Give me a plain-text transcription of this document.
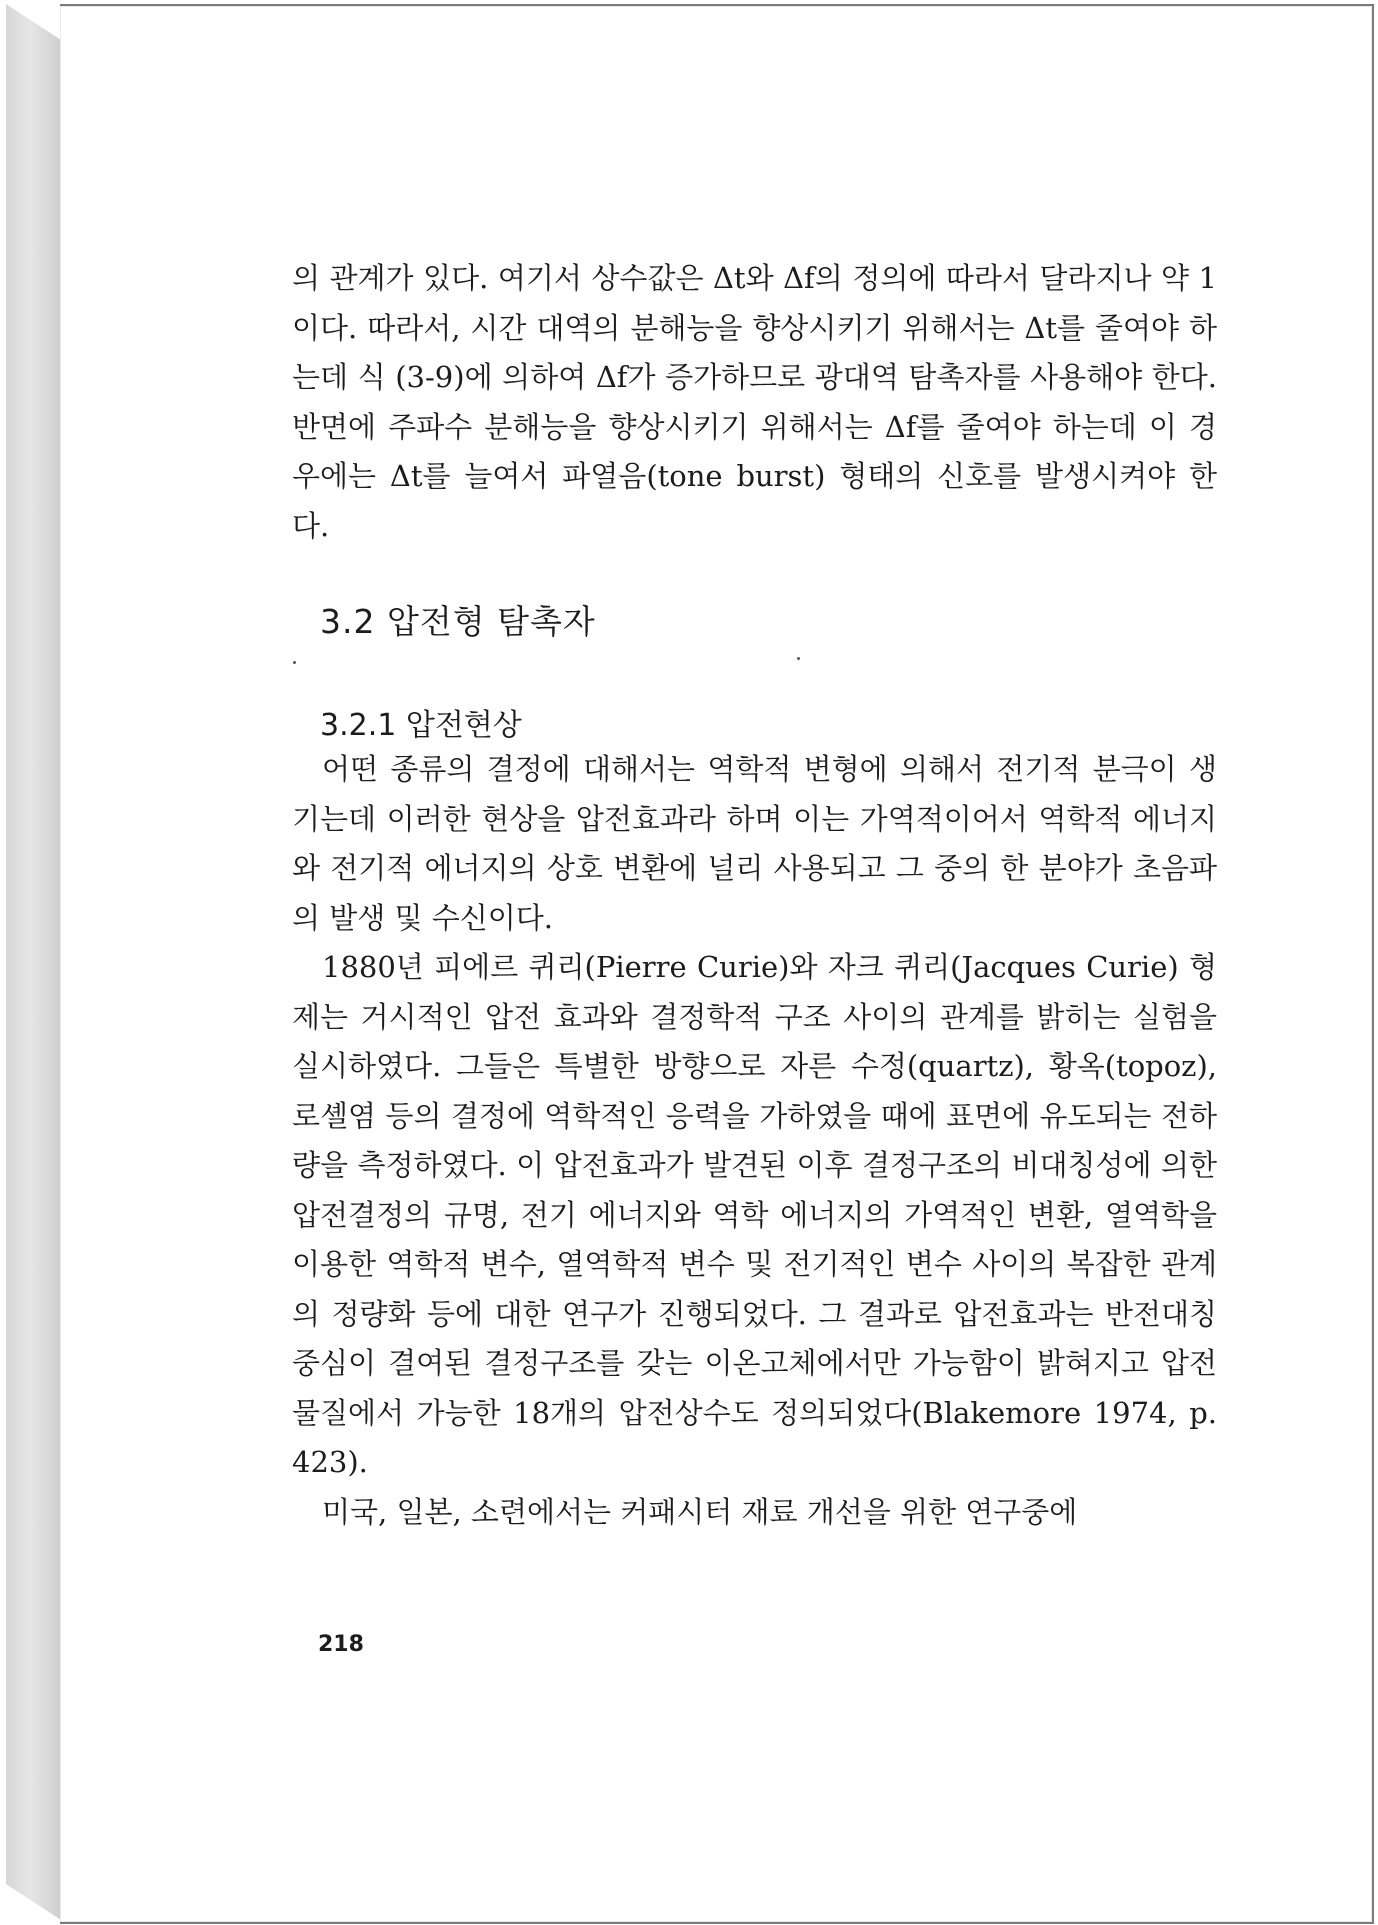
의 관계가 있다. 여기서 상수값은 Δt와 Δf의 정의에 따라서 달라지나 약 1이다. 따라서, 시간 대역의 분해능을 향상시키기 위해서는 Δt를 줄여야 하는데 식 (3-9)에 의하여 Δf가 증가하므로 광대역 탐촉자를 사용해야 한다. 반면에 주파수 분해능을 향상시키기 위해서는 Δf를 줄여야 하는데 이 경우에는 Δt를 늘여서 파열음(tone burst) 형태의 신호를 발생시켜야 한다.

3.2 압전형 탐촉자
3.2.1 압전현상

어떤 종류의 결정에 대해서는 역학적 변형에 의해서 전기적 분극이 생기는데 이러한 현상을 압전효과라 하며 이는 가역적이어서 역학적 에너지와 전기적 에너지의 상호 변환에 널리 사용되고 그 중의 한 분야가 초음파의 발생 및 수신이다.

1880년 피에르 퀴리(Pierre Curie)와 자크 퀴리(Jacques Curie) 형제는 거시적인 압전 효과와 결정학적 구조 사이의 관계를 밝히는 실험을 실시하였다. 그들은 특별한 방향으로 자른 수정(quartz), 황옥(topoz), 로셸염 등의 결정에 역학적인 응력을 가하였을 때에 표면에 유도되는 전하량을 측정하였다. 이 압전효과가 발견된 이후 결정구조의 비대칭성에 의한 압전결정의 규명, 전기 에너지와 역학 에너지의 가역적인 변환, 열역학을 이용한 역학적 변수, 열역학적 변수 및 전기적인 변수 사이의 복잡한 관계의 정량화 등에 대한 연구가 진행되었다. 그 결과로 압전효과는 반전대칭중심이 결여된 결정구조를 갖는 이온고체에서만 가능함이 밝혀지고 압전물질에서 가능한 18개의 압전상수도 정의되었다(Blakemore 1974, p. 423).

미국, 일본, 소련에서는 커패시터 재료 개선을 위한 연구중에

218
